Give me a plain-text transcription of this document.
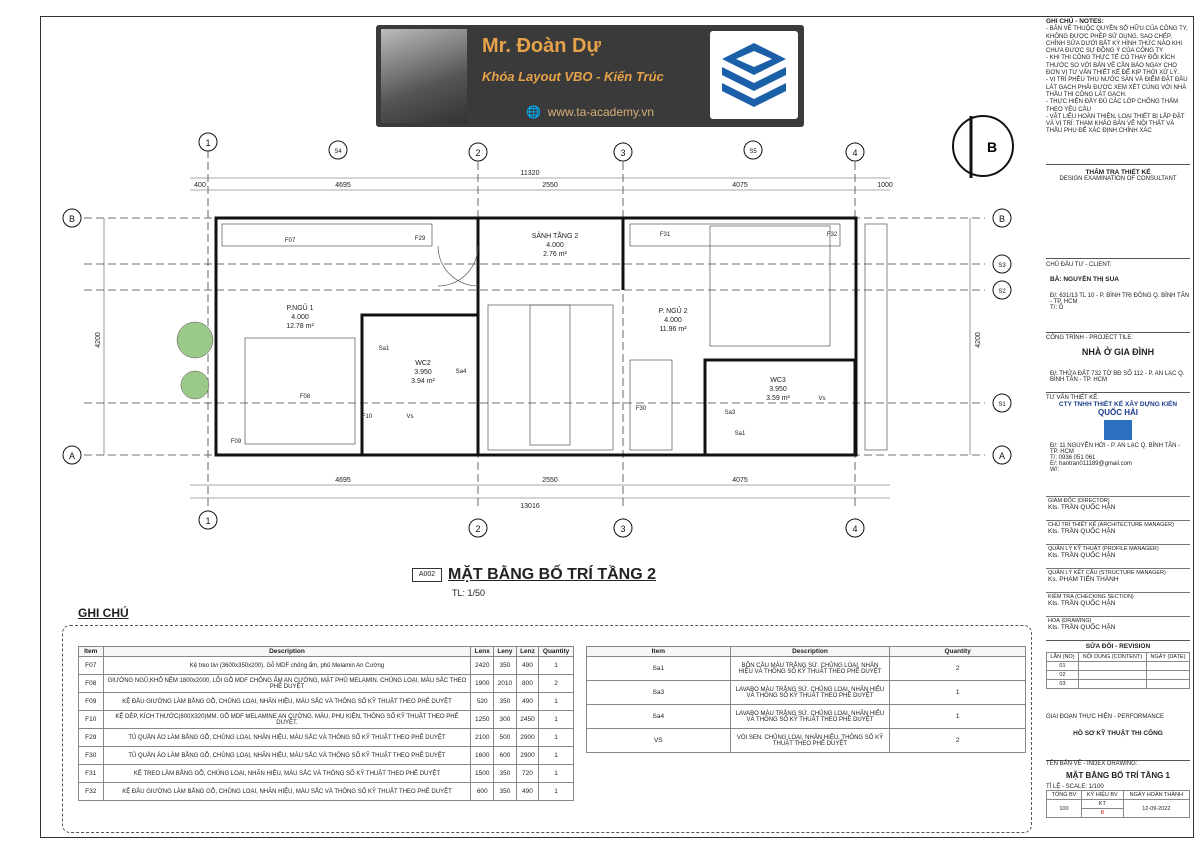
Mr. Đoàn Dự
Khóa Layout VBO - Kiến Trúc
🌐 www.ta-academy.vn
B
GHI CHÚ - NOTES:
- BẢN VẼ THUỘC QUYỀN SỞ HỮU CỦA CÔNG TY, KHÔNG ĐƯỢC PHÉP SỬ DỤNG, SAO CHÉP, CHỈNH SỬA DƯỚI BẤT KỲ HÌNH THỨC NÀO KHI CHƯA ĐƯỢC SỰ ĐỒNG Ý CỦA CÔNG TY
- KHI THI CÔNG THỰC TẾ CÓ THAY ĐỔI KÍCH THƯỚC SO VỚI BẢN VẼ CẦN BÁO NGAY CHO ĐƠN VỊ TƯ VẤN THIẾT KẾ ĐỂ KỊP THỜI XỬ LÝ.
- VỊ TRÍ PHỄU THU NƯỚC SÀN VÀ ĐIỂM ĐẶT ĐẦU LÁT GẠCH PHẢI ĐƯỢC XEM XÉT CÙNG VỚI NHÀ THẦU THI CÔNG LÁT GẠCH.
- THỰC HIỆN ĐẦY ĐỦ CÁC LỚP CHỐNG THẤM THEO YÊU CẦU
- VẬT LIỆU HOÀN THIỆN, LOẠI THIẾT BỊ LẮP ĐẶT VÀ VỊ TRÍ: THAM KHẢO BẢN VẼ NỘI THẤT VÀ THẦU PHỤ ĐỂ XÁC ĐỊNH CHÍNH XÁC
THẨM TRA THIẾT KẾ
DESIGN EXAMINATION OF CONSULTANT
CHỦ ĐẦU TƯ - CLIENT:
BÀ: NGUYỄN THỊ SUA
Đ/: 631/13 TL 10 - P. BÌNH TRỊ ĐÔNG Q. BÌNH TÂN - TP. HCM
T/: Ô
CÔNG TRÌNH - PROJECT TILE:
NHÀ Ở GIA ĐÌNH
Đ/: THỬA ĐẤT 732 TỜ BĐ SỐ 112 - P. AN LẠC Q. BÌNH TÂN - TP. HCM
TƯ VẤN THIẾT KẾ:
CTY TNHH THIẾT KẾ XÂY DỰNG KIẾN
QUỐC HẢI
Đ/: 11 NGUYỄN HỚI - P. AN LẠC Q. BÌNH TÂN - TP. HCM
T/: 0936 051 061
E/: hantran011189@gmail.com
W/:
GIÁM ĐỐC (DIRECTOR)
Kts. TRẦN QUỐC HẬN
CHỦ TRÌ THIẾT KẾ (ARCHITECTURE MANAGER)
Kts. TRẦN QUỐC HẬN
QUẢN LÝ KỸ THUẬT (PROFILE MANAGER)
Kts. TRẦN QUỐC HẬN
QUẢN LÝ KẾT CẤU (STRUCTURE MANAGER)
Ks. PHẠM TIẾN THÀNH
KIỂM TRA (CHECKING SECTION)
Kts. TRẦN QUỐC HẬN
HOẠ (DRAWING)
Kts. TRẦN QUỐC HẬN
SỬA ĐỔI - REVISION
LẦN (NO)	NỘI DUNG (CONTENT)	NGÀY (DATE)
01		
02		
03		
GIAI ĐOẠN THỰC HIỆN - PERFORMANCE
HỒ SƠ KỸ THUẬT THI CÔNG
TÊN BẢN VẼ - INDEX DRAWING:
MẶT BẰNG BỐ TRÍ TẦNG 1
TỈ LỆ - SCALE: 1/100
TỔNG BV	KÝ HIỆU BV	NGÀY HOÀN THÀNH
100	KT	12-09-2022
	8	
B
A
B
A
1
2	3	4
1
2	3	4
S4	S5
S3
S2
S1
11320
400	4695	2550	4075	1000
4695	2550	4075
13016
4200	4200
P.NGỦ 1
4.000
12.78 m²
SẢNH TẦNG 2
4.000
2.76 m²
P. NGỦ 2
4.000
11.96 m²
WC2
3.950
3.94 m²	WC3
3.950
3.59 m²
F07	F29
F31	F32
F08
F10
F09
F30
Sa1
Sa4
Sa3
Sa1
Vs
Vs
A002 MẶT BẰNG BỐ TRÍ TẦNG 2
TL: 1/50
GHI CHÚ
Item	Description	Lenx	Leny	Lenz	Quantity
F07	Kệ treo tivi (3600x350x200). Gỗ MDF chống ẩm, phủ Melamin An Cường	2420	350	490	1
F08	GIƯỜNG NGỦ,KHỔ NỆM 1800x2000, LÕI GỖ MDF CHỐNG ẨM AN CƯỜNG, MẶT PHỦ MELAMIN. CHỦNG LOẠI, MÀU SẮC THEO PHÊ DUYỆT	1900	2010	800	2
F09	KỆ ĐẦU GIƯỜNG LÀM BẰNG GỖ, CHỦNG LOẠI, NHÃN HIỆU, MÀU SẮC VÀ THÔNG SỐ KỸ THUẬT THEO PHÊ DUYỆT	520	350	490	1
F10	KỆ DÉP, KÍCH THƯỚC(800X320)MM. GỖ MDF MELAMINE AN CƯỜNG. MÀU, PHỤ KIỆN, THÔNG SỐ KỸ THUẬT THEO PHÊ DUYỆT.	1250	300	2450	1
F29	TỦ QUẦN ÁO LÀM BẰNG GỖ, CHỦNG LOẠI, NHÃN HIỆU, MÀU SẮC VÀ THÔNG SỐ KỸ THUẬT THEO PHÊ DUYỆT	2100	500	2900	1
F30	TỦ QUẦN ÁO LÀM BẰNG GỖ, CHỦNG LOẠI, NHÃN HIỆU, MÀU SẮC VÀ THÔNG SỐ KỸ THUẬT THEO PHÊ DUYỆT	1600	600	2900	1
F31	KỆ TREO LÀM BẰNG GỖ, CHỦNG LOẠI, NHÃN HIỆU, MÀU SẮC VÀ THÔNG SỐ KỸ THUẬT THEO PHÊ DUYỆT	1500	350	720	1
F32	KỆ ĐẦU GIƯỜNG LÀM BẰNG GỖ, CHỦNG LOẠI, NHÃN HIỆU, MÀU SẮC VÀ THÔNG SỐ KỸ THUẬT THEO PHÊ DUYỆT	600	350	490	1
Item	Description	Quantity
Sa1	BỒN CẦU MÀU TRẮNG SỨ. CHỦNG LOẠI, NHÃN HIỆU VÀ THÔNG SỐ KỸ THUẬT THEO PHÊ DUYỆT	2
Sa3	LAVABO MÀU TRẮNG SỨ. CHỦNG LOẠI, NHÃN HIỆU VÀ THÔNG SỐ KỸ THUẬT THEO PHÊ DUYỆT	1
Sa4	LAVABO MÀU TRẮNG SỨ. CHỦNG LOẠI, NHÃN HIỆU VÀ THÔNG SỐ KỸ THUẬT THEO PHÊ DUYỆT	1
VS	VÒI SEN. CHỦNG LOẠI, NHÃN HIỆU, THÔNG SỐ KỸ THUẬT THEO PHÊ DUYỆT	2
